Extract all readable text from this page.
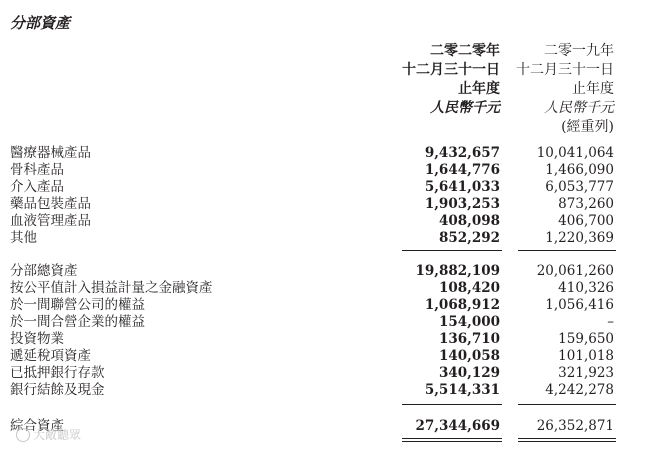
分部資產
二零二零年
十二月三十一日
止年度
人民幣千元
二零一九年
十二月三十一日
止年度
人民幣千元
(經重列)
醫療器械產品	9,432,657	10,041,064
骨科產品	1,644,776	1,466,090
介入產品	5,641,033	6,053,777
藥品包裝產品	1,903,253	873,260
血液管理產品	408,098	406,700
其他	852,292	1,220,369
分部總資產	19,882,109	20,061,260
按公平值計入損益計量之金融資產	108,420	410,326
於一間聯營公司的權益	1,068,912	1,056,416
於一間合營企業的權益	154,000	–
投資物業	136,710	159,650
遞延稅項資產	140,058	101,018
已抵押銀行存款	340,129	321,923
銀行結餘及現金	5,514,331	4,242,278
綜合資產	27,344,669	26,352,871
大敵聽眾
